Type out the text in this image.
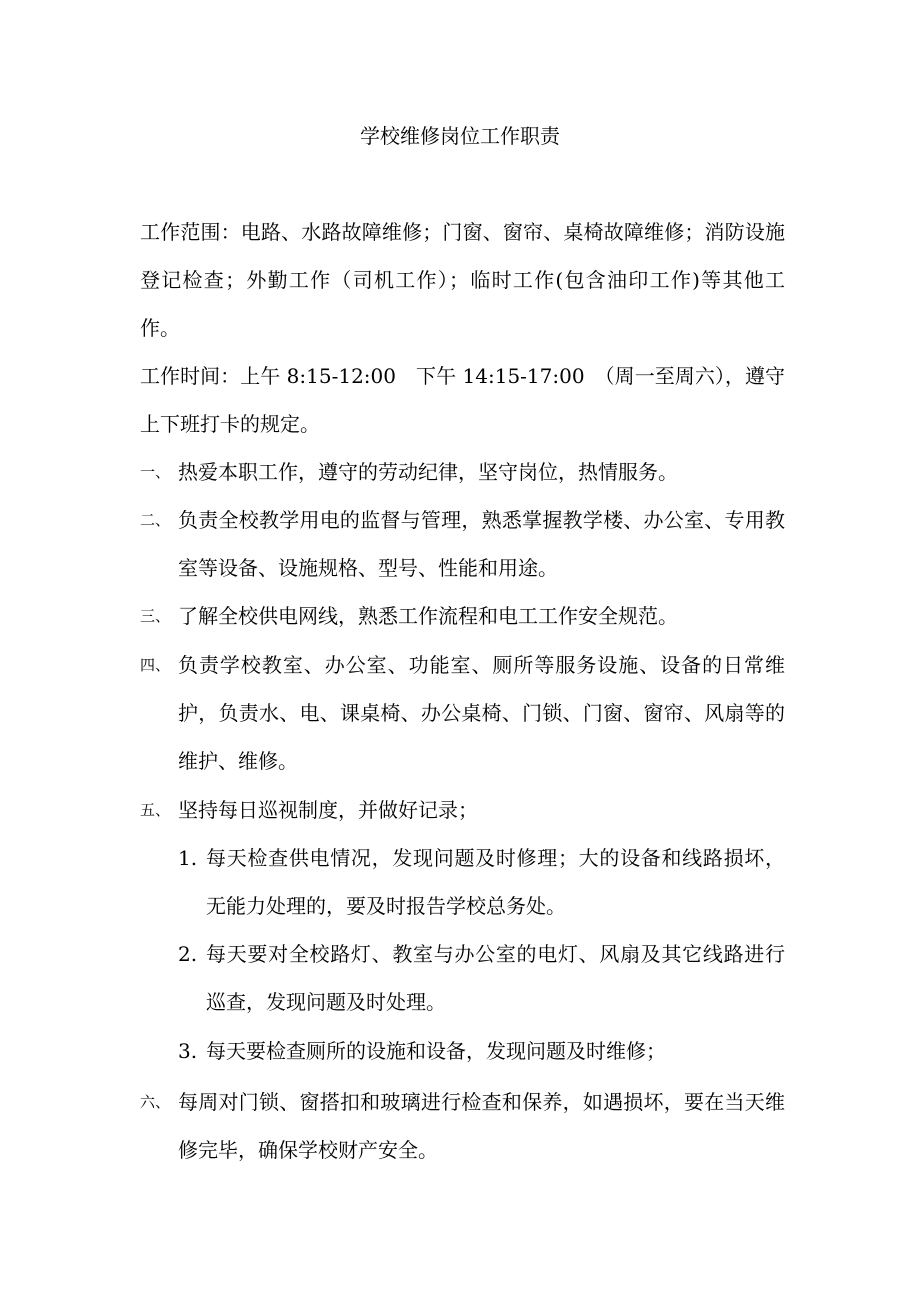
学校维修岗位工作职责
工作范围：电路、水路故障维修；门窗、窗帘、桌椅故障维修；消防设施登记检查；外勤工作（司机工作）；临时工作(包含油印工作)等其他工作。
工作时间：上午 8:15-12:00　下午 14:15-17:00　（周一至周六），遵守上下班打卡的规定。
一、 热爱本职工作，遵守的劳动纪律，坚守岗位，热情服务。
二、 负责全校教学用电的监督与管理，熟悉掌握教学楼、办公室、专用教室等设备、设施规格、型号、性能和用途。
三、 了解全校供电网线，熟悉工作流程和电工工作安全规范。
四、 负责学校教室、办公室、功能室、厕所等服务设施、设备的日常维护，负责水、电、课桌椅、办公桌椅、门锁、门窗、窗帘、风扇等的维护、维修。
五、 坚持每日巡视制度，并做好记录；
1. 每天检查供电情况，发现问题及时修理；大的设备和线路损坏，无能力处理的，要及时报告学校总务处。
2. 每天要对全校路灯、教室与办公室的电灯、风扇及其它线路进行巡查，发现问题及时处理。
3. 每天要检查厕所的设施和设备，发现问题及时维修；
六、 每周对门锁、窗搭扣和玻璃进行检查和保养，如遇损坏，要在当天维修完毕，确保学校财产安全。
